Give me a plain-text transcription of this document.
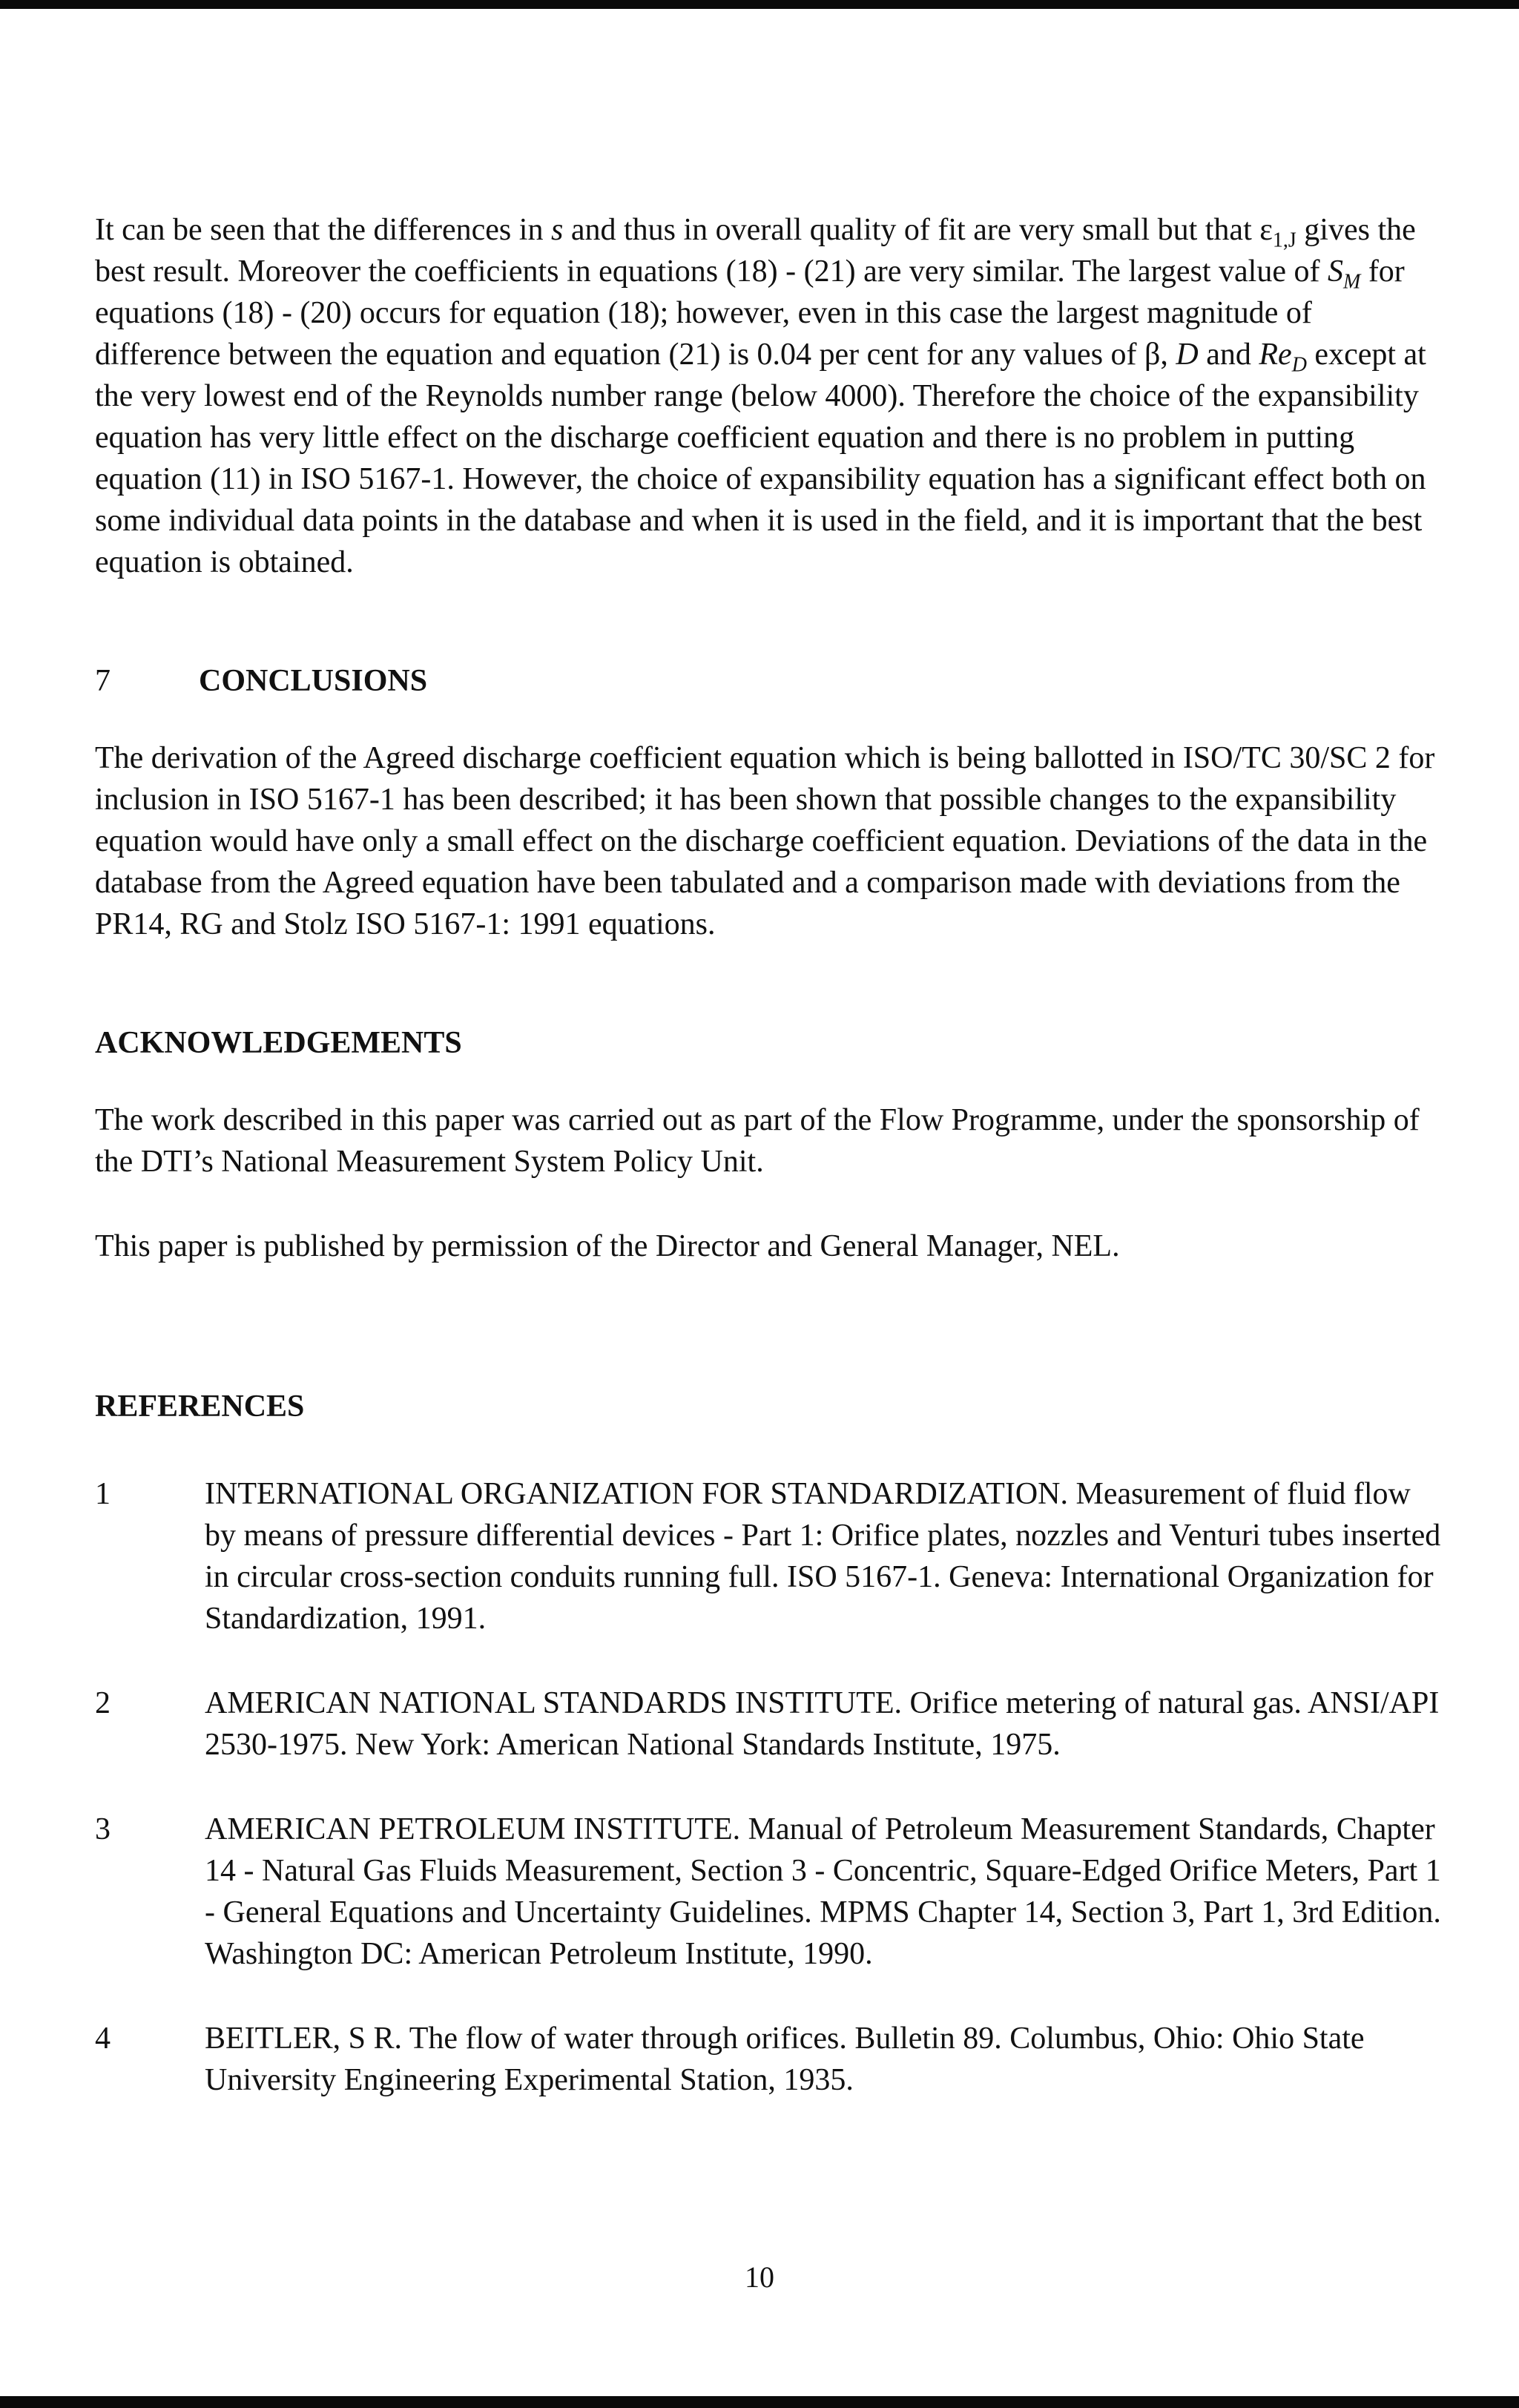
It can be seen that the differences in s and thus in overall quality of fit are very small but that $\varepsilon_{1,J}$ gives the best result. Moreover the coefficients in equations (18) - (21) are very similar. The largest value of $S_M$ for equations (18) - (20) occurs for equation (18); however, even in this case the largest magnitude of difference between the equation and equation (21) is 0.04 per cent for any values of β, D and $Re_D$ except at the very lowest end of the Reynolds number range (below 4000). Therefore the choice of the expansibility equation has very little effect on the discharge coefficient equation and there is no problem in putting equation (11) in ISO 5167-1. However, the choice of expansibility equation has a significant effect both on some individual data points in the database and when it is used in the field, and it is important that the best equation is obtained.

7	CONCLUSIONS

The derivation of the Agreed discharge coefficient equation which is being ballotted in ISO/TC 30/SC 2 for inclusion in ISO 5167-1 has been described; it has been shown that possible changes to the expansibility equation would have only a small effect on the discharge coefficient equation. Deviations of the data in the database from the Agreed equation have been tabulated and a comparison made with deviations from the PR14, RG and Stolz ISO 5167-1: 1991 equations.

ACKNOWLEDGEMENTS

The work described in this paper was carried out as part of the Flow Programme, under the sponsorship of the DTI’s National Measurement System Policy Unit.

This paper is published by permission of the Director and General Manager, NEL.

REFERENCES
1	INTERNATIONAL ORGANIZATION FOR STANDARDIZATION. Measurement of fluid flow by means of pressure differential devices - Part 1: Orifice plates, nozzles and Venturi tubes inserted in circular cross-section conduits running full. ISO 5167-1. Geneva: International Organization for Standardization, 1991.
2	AMERICAN NATIONAL STANDARDS INSTITUTE. Orifice metering of natural gas. ANSI/API 2530-1975. New York: American National Standards Institute, 1975.
3	AMERICAN PETROLEUM INSTITUTE. Manual of Petroleum Measurement Standards, Chapter 14 - Natural Gas Fluids Measurement, Section 3 - Concentric, Square-Edged Orifice Meters, Part 1 - General Equations and Uncertainty Guidelines. MPMS Chapter 14, Section 3, Part 1, 3rd Edition. Washington DC: American Petroleum Institute, 1990.
4	BEITLER, S R. The flow of water through orifices. Bulletin 89. Columbus, Ohio: Ohio State University Engineering Experimental Station, 1935.
10
